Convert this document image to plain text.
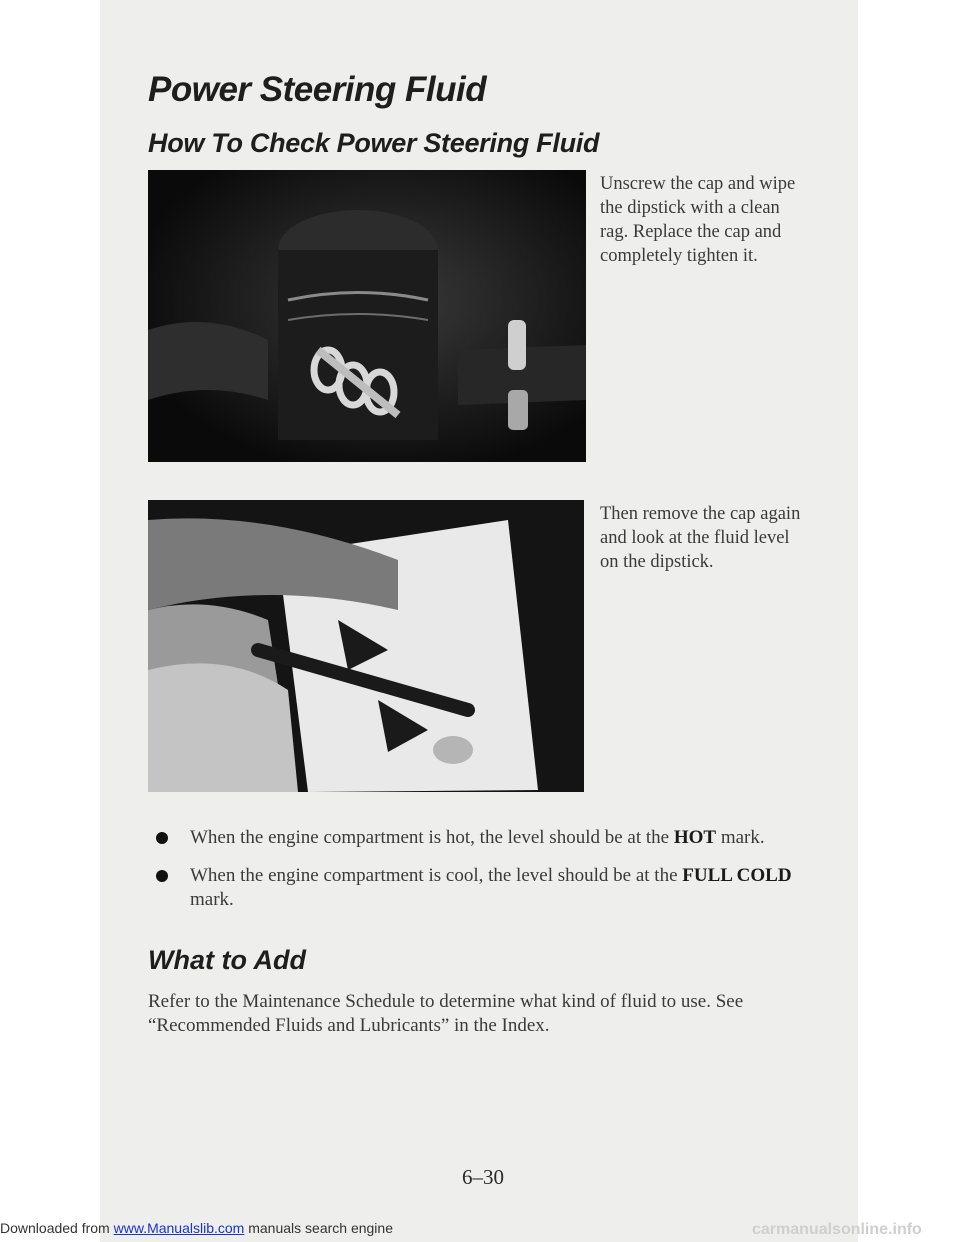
Power Steering Fluid
How To Check Power Steering Fluid

Unscrew the cap and wipe the dipstick with a clean rag. Replace the cap and completely tighten it.

Then remove the cap again and look at the fluid level on the dipstick.

When the engine compartment is hot, the level should be at the HOT mark.
When the engine compartment is cool, the level should be at the FULL COLD mark.
What to Add

Refer to the Maintenance Schedule to determine what kind of fluid to use. See “Recommended Fluids and Lubricants” in the Index.

6–30

Downloaded from www.Manualslib.com manuals search engine	carmanualsonline.info
